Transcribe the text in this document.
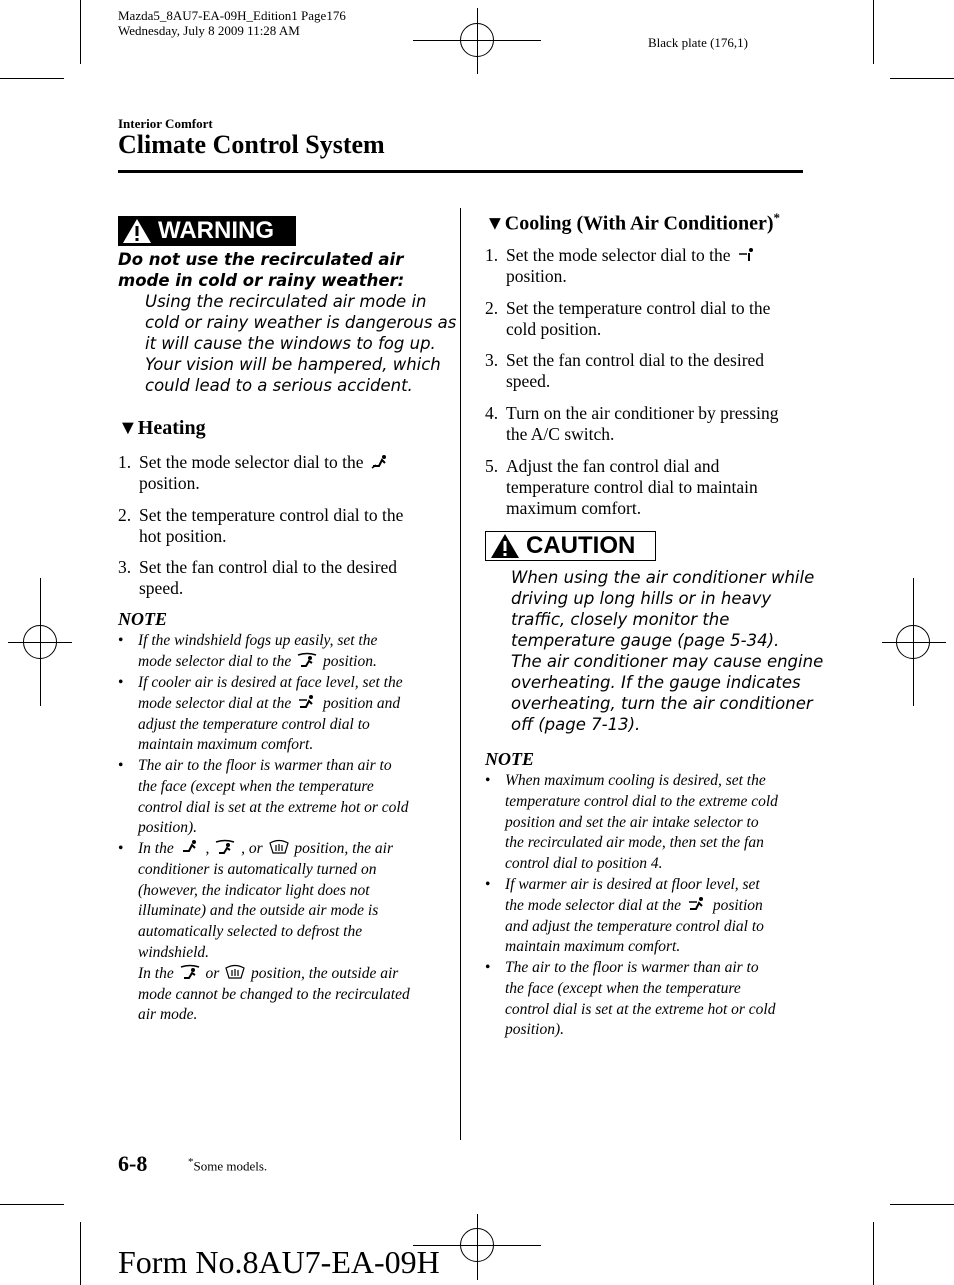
Mazda5_8AU7-EA-09H_Edition1 Page176
Wednesday, July 8 2009 11:28 AM
Black plate (176,1)
Interior Comfort
Climate Control System
WARNING
Do not use the recirculated air mode in cold or rainy weather:
Using the recirculated air mode in
cold or rainy weather is dangerous as
it will cause the windows to fog up.
Your vision will be hampered, which
could lead to a serious accident.
▼Heating
1. Set the mode selector dial to the
position.
2. Set the temperature control dial to the
hot position.
3. Set the fan control dial to the desired
speed.
NOTE
• If the windshield fogs up easily, set the
mode selector dial to the position.
• If cooler air is desired at face level, set the
mode selector dial at the position and
adjust the temperature control dial to
maintain maximum comfort.
• The air to the floor is warmer than air to
the face (except when the temperature
control dial is set at the extreme hot or cold
position).
• In the , , or position, the air
conditioner is automatically turned on
(however, the indicator light does not
illuminate) and the outside air mode is
automatically selected to defrost the
windshield.
In the or position, the outside air
mode cannot be changed to the recirculated
air mode.
▼Cooling (With Air Conditioner)*
1. Set the mode selector dial to the
position.
2. Set the temperature control dial to the
cold position.
3. Set the fan control dial to the desired
speed.
4. Turn on the air conditioner by pressing
the A/C switch.
5. Adjust the fan control dial and
temperature control dial to maintain
maximum comfort.
CAUTION
When using the air conditioner while
driving up long hills or in heavy
traffic, closely monitor the
temperature gauge (page 5-34).
The air conditioner may cause engine
overheating. If the gauge indicates
overheating, turn the air conditioner
off (page 7-13).
NOTE
• When maximum cooling is desired, set the
temperature control dial to the extreme cold
position and set the air intake selector to
the recirculated air mode, then set the fan
control dial to position 4.
• If warmer air is desired at floor level, set
the mode selector dial at the position
and adjust the temperature control dial to
maintain maximum comfort.
• The air to the floor is warmer than air to
the face (except when the temperature
control dial is set at the extreme hot or cold
position).
6-8	*Some models.
Form No.8AU7-EA-09H
